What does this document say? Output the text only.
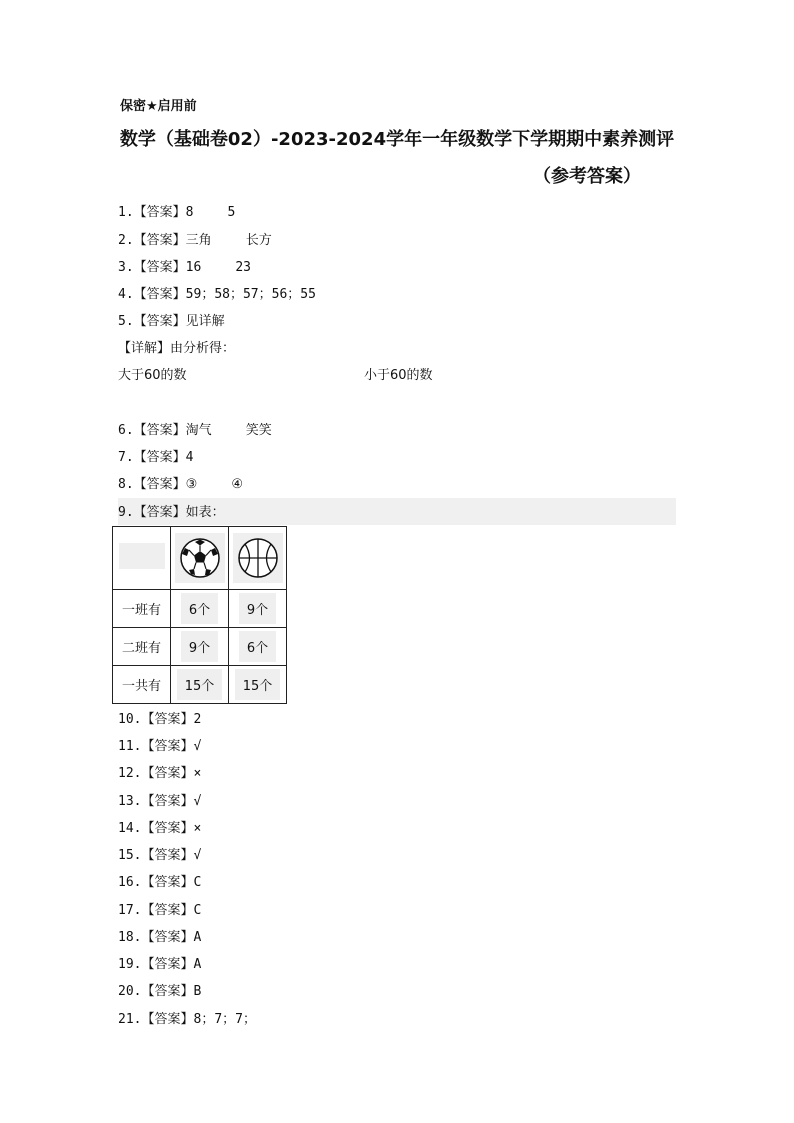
保密★启用前
数学（基础卷02）-2023-2024学年一年级数学下学期期中素养测评
（参考答案）
1.【答案】8	5
2.【答案】三角	长方
3.【答案】16	23
4.【答案】59；58；57；56；55
5.【答案】见详解
【详解】由分析得：
大于60的数	小于60的数
6.【答案】淘气	笑笑
7.【答案】4
8.【答案】③	④
9.【答案】如表：

一班有	6个	9个
二班有	9个	6个
一共有	15个	15个
10.【答案】2
11.【答案】√
12.【答案】×
13.【答案】√
14.【答案】×
15.【答案】√
16.【答案】C
17.【答案】C
18.【答案】A
19.【答案】A
20.【答案】B
21.【答案】8；7；7；
